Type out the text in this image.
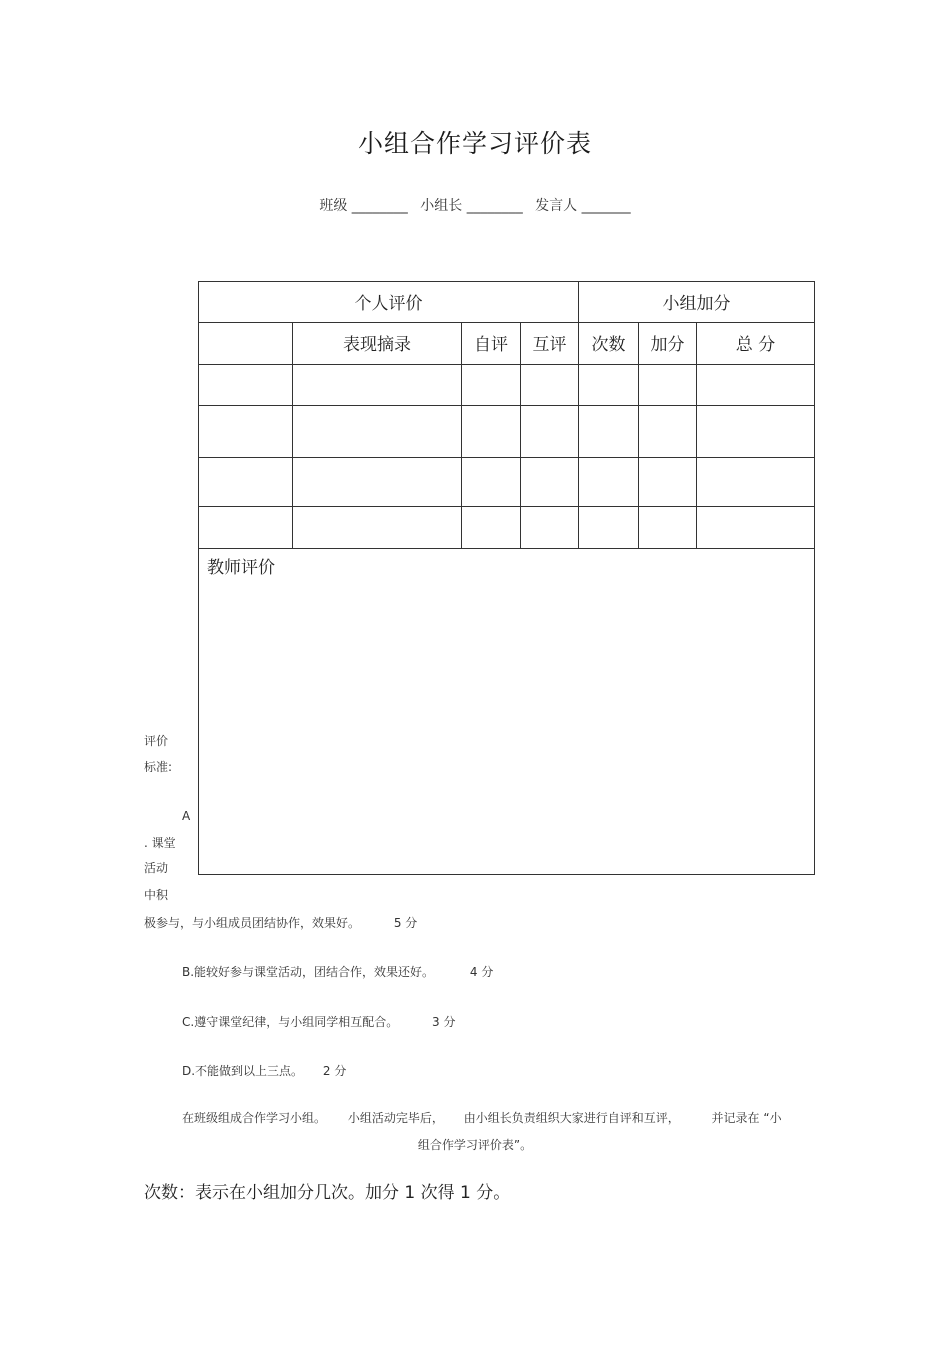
小组合作学习评价表
班级 ________ 小组长 ________ 发言人 _______
个人评价				小组加分		
	表现摘录	自评	互评	次数	加分	总 分

教师评价						
评价
标准:
A
. 课堂
活动
中积
极参与，与小组成员团结协作，效果好。	5 分
B.能较好参与课堂活动，团结合作，效果还好。	4 分
C.遵守课堂纪律，与小组同学相互配合。	3 分
D.不能做到以上三点。 2 分
在班级组成合作学习小组。 小组活动完毕后， 由小组长负责组织大家进行自评和互评，	并记录在 “小
组合作学习评价表”。
次数：表示在小组加分几次。加分 1 次得 1 分。
